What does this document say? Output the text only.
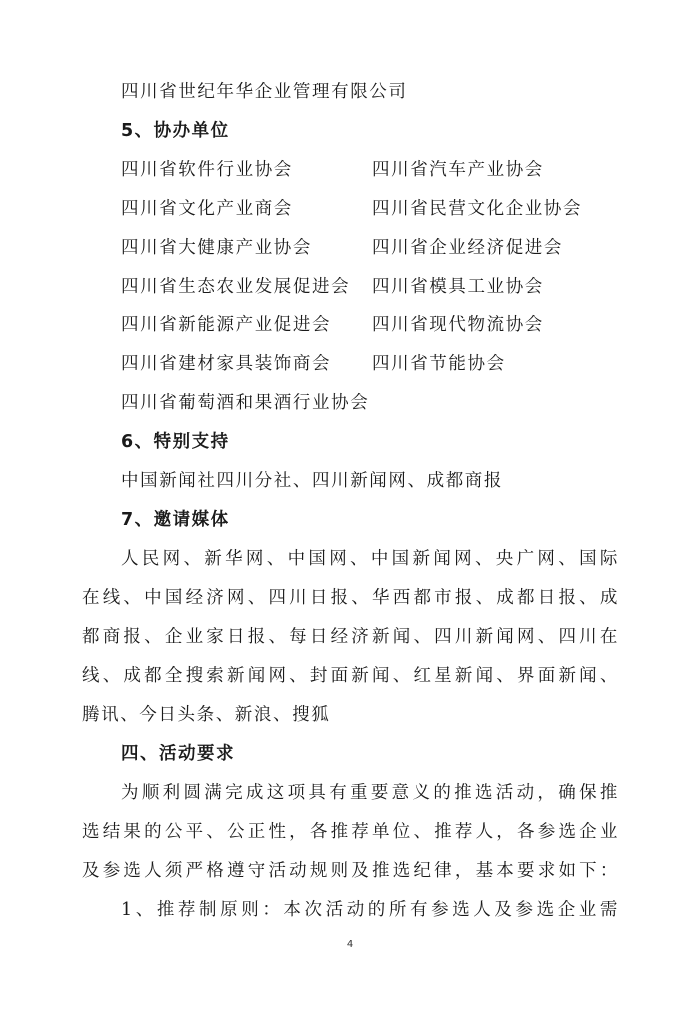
四川省世纪年华企业管理有限公司
5、协办单位
四川省软件行业协会	四川省汽车产业协会
四川省文化产业商会	四川省民营文化企业协会
四川省大健康产业协会	四川省企业经济促进会
四川省生态农业发展促进会 四川省模具工业协会
四川省新能源产业促进会 四川省现代物流协会
四川省建材家具装饰商会 四川省节能协会
四川省葡萄酒和果酒行业协会
6、特别支持
中国新闻社四川分社、四川新闻网、成都商报
7、邀请媒体
人民网、新华网、中国网、中国新闻网、央广网、国际
在线、中国经济网、四川日报、华西都市报、成都日报、成
都商报、企业家日报、每日经济新闻、四川新闻网、四川在
线、成都全搜索新闻网、封面新闻、红星新闻、界面新闻、
腾讯、今日头条、新浪、搜狐
四、活动要求
为顺利圆满完成这项具有重要意义的推选活动，确保推
选结果的公平、公正性，各推荐单位、推荐人，各参选企业
及参选人须严格遵守活动规则及推选纪律，基本要求如下：
1、推荐制原则：本次活动的所有参选人及参选企业需
4
